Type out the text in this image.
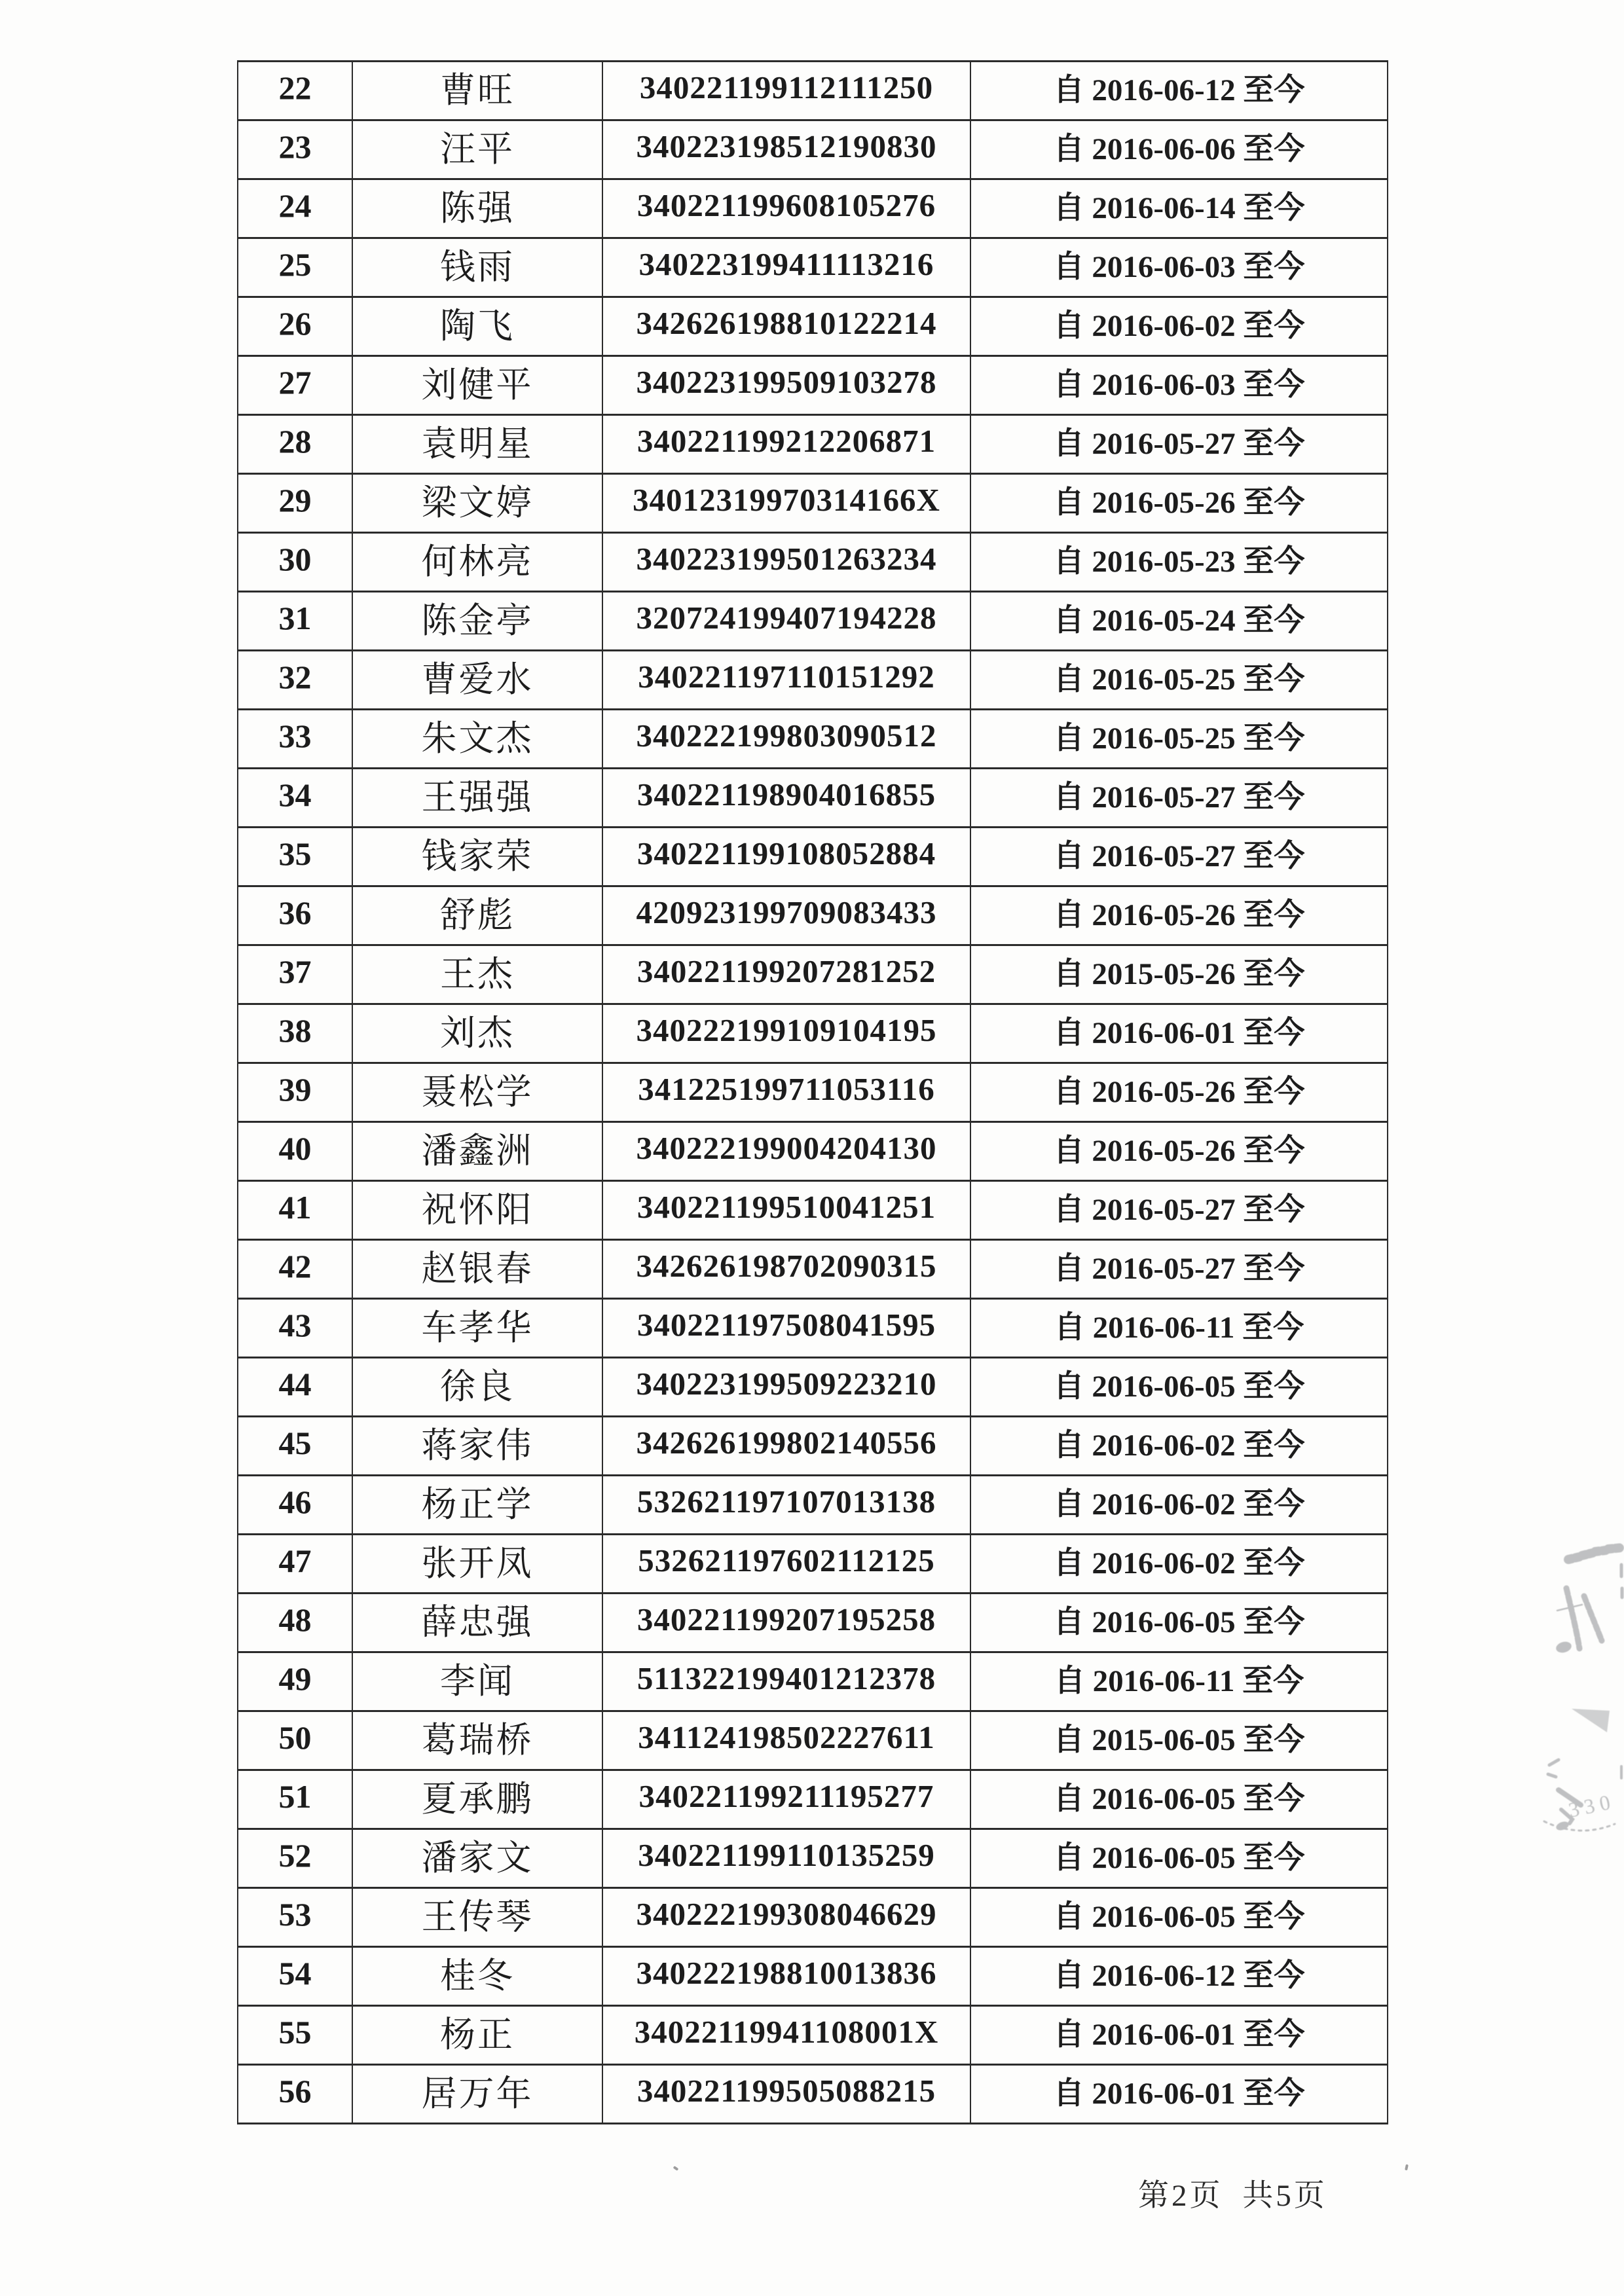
22	曹旺	340221199112111250	自 2016-06-12 至今
23	汪平	340223198512190830	自 2016-06-06 至今
24	陈强	340221199608105276	自 2016-06-14 至今
25	钱雨	340223199411113216	自 2016-06-03 至今
26	陶飞	342626198810122214	自 2016-06-02 至今
27	刘健平	340223199509103278	自 2016-06-03 至今
28	袁明星	340221199212206871	自 2016-05-27 至今
29	梁文婷	34012319970314166X	自 2016-05-26 至今
30	何林亮	340223199501263234	自 2016-05-23 至今
31	陈金亭	320724199407194228	自 2016-05-24 至今
32	曹爱水	340221197110151292	自 2016-05-25 至今
33	朱文杰	340222199803090512	自 2016-05-25 至今
34	王强强	340221198904016855	自 2016-05-27 至今
35	钱家荣	340221199108052884	自 2016-05-27 至今
36	舒彪	420923199709083433	自 2016-05-26 至今
37	王杰	340221199207281252	自 2015-05-26 至今
38	刘杰	340222199109104195	自 2016-06-01 至今
39	聂松学	341225199711053116	自 2016-05-26 至今
40	潘鑫洲	340222199004204130	自 2016-05-26 至今
41	祝怀阳	340221199510041251	自 2016-05-27 至今
42	赵银春	342626198702090315	自 2016-05-27 至今
43	车孝华	340221197508041595	自 2016-06-11 至今
44	徐良	340223199509223210	自 2016-06-05 至今
45	蒋家伟	342626199802140556	自 2016-06-02 至今
46	杨正学	532621197107013138	自 2016-06-02 至今
47	张开凤	532621197602112125	自 2016-06-02 至今
48	薛忠强	340221199207195258	自 2016-06-05 至今
49	李闻	511322199401212378	自 2016-06-11 至今
50	葛瑞桥	341124198502227611	自 2015-06-05 至今
51	夏承鹏	340221199211195277	自 2016-06-05 至今
52	潘家文	340221199110135259	自 2016-06-05 至今
53	王传琴	340222199308046629	自 2016-06-05 至今
54	桂冬	340222198810013836	自 2016-06-12 至今
55	杨正	34022119941108001X	自 2016-06-01 至今
56	居万年	340221199505088215	自 2016-06-01 至今
330
第2页 共5页
